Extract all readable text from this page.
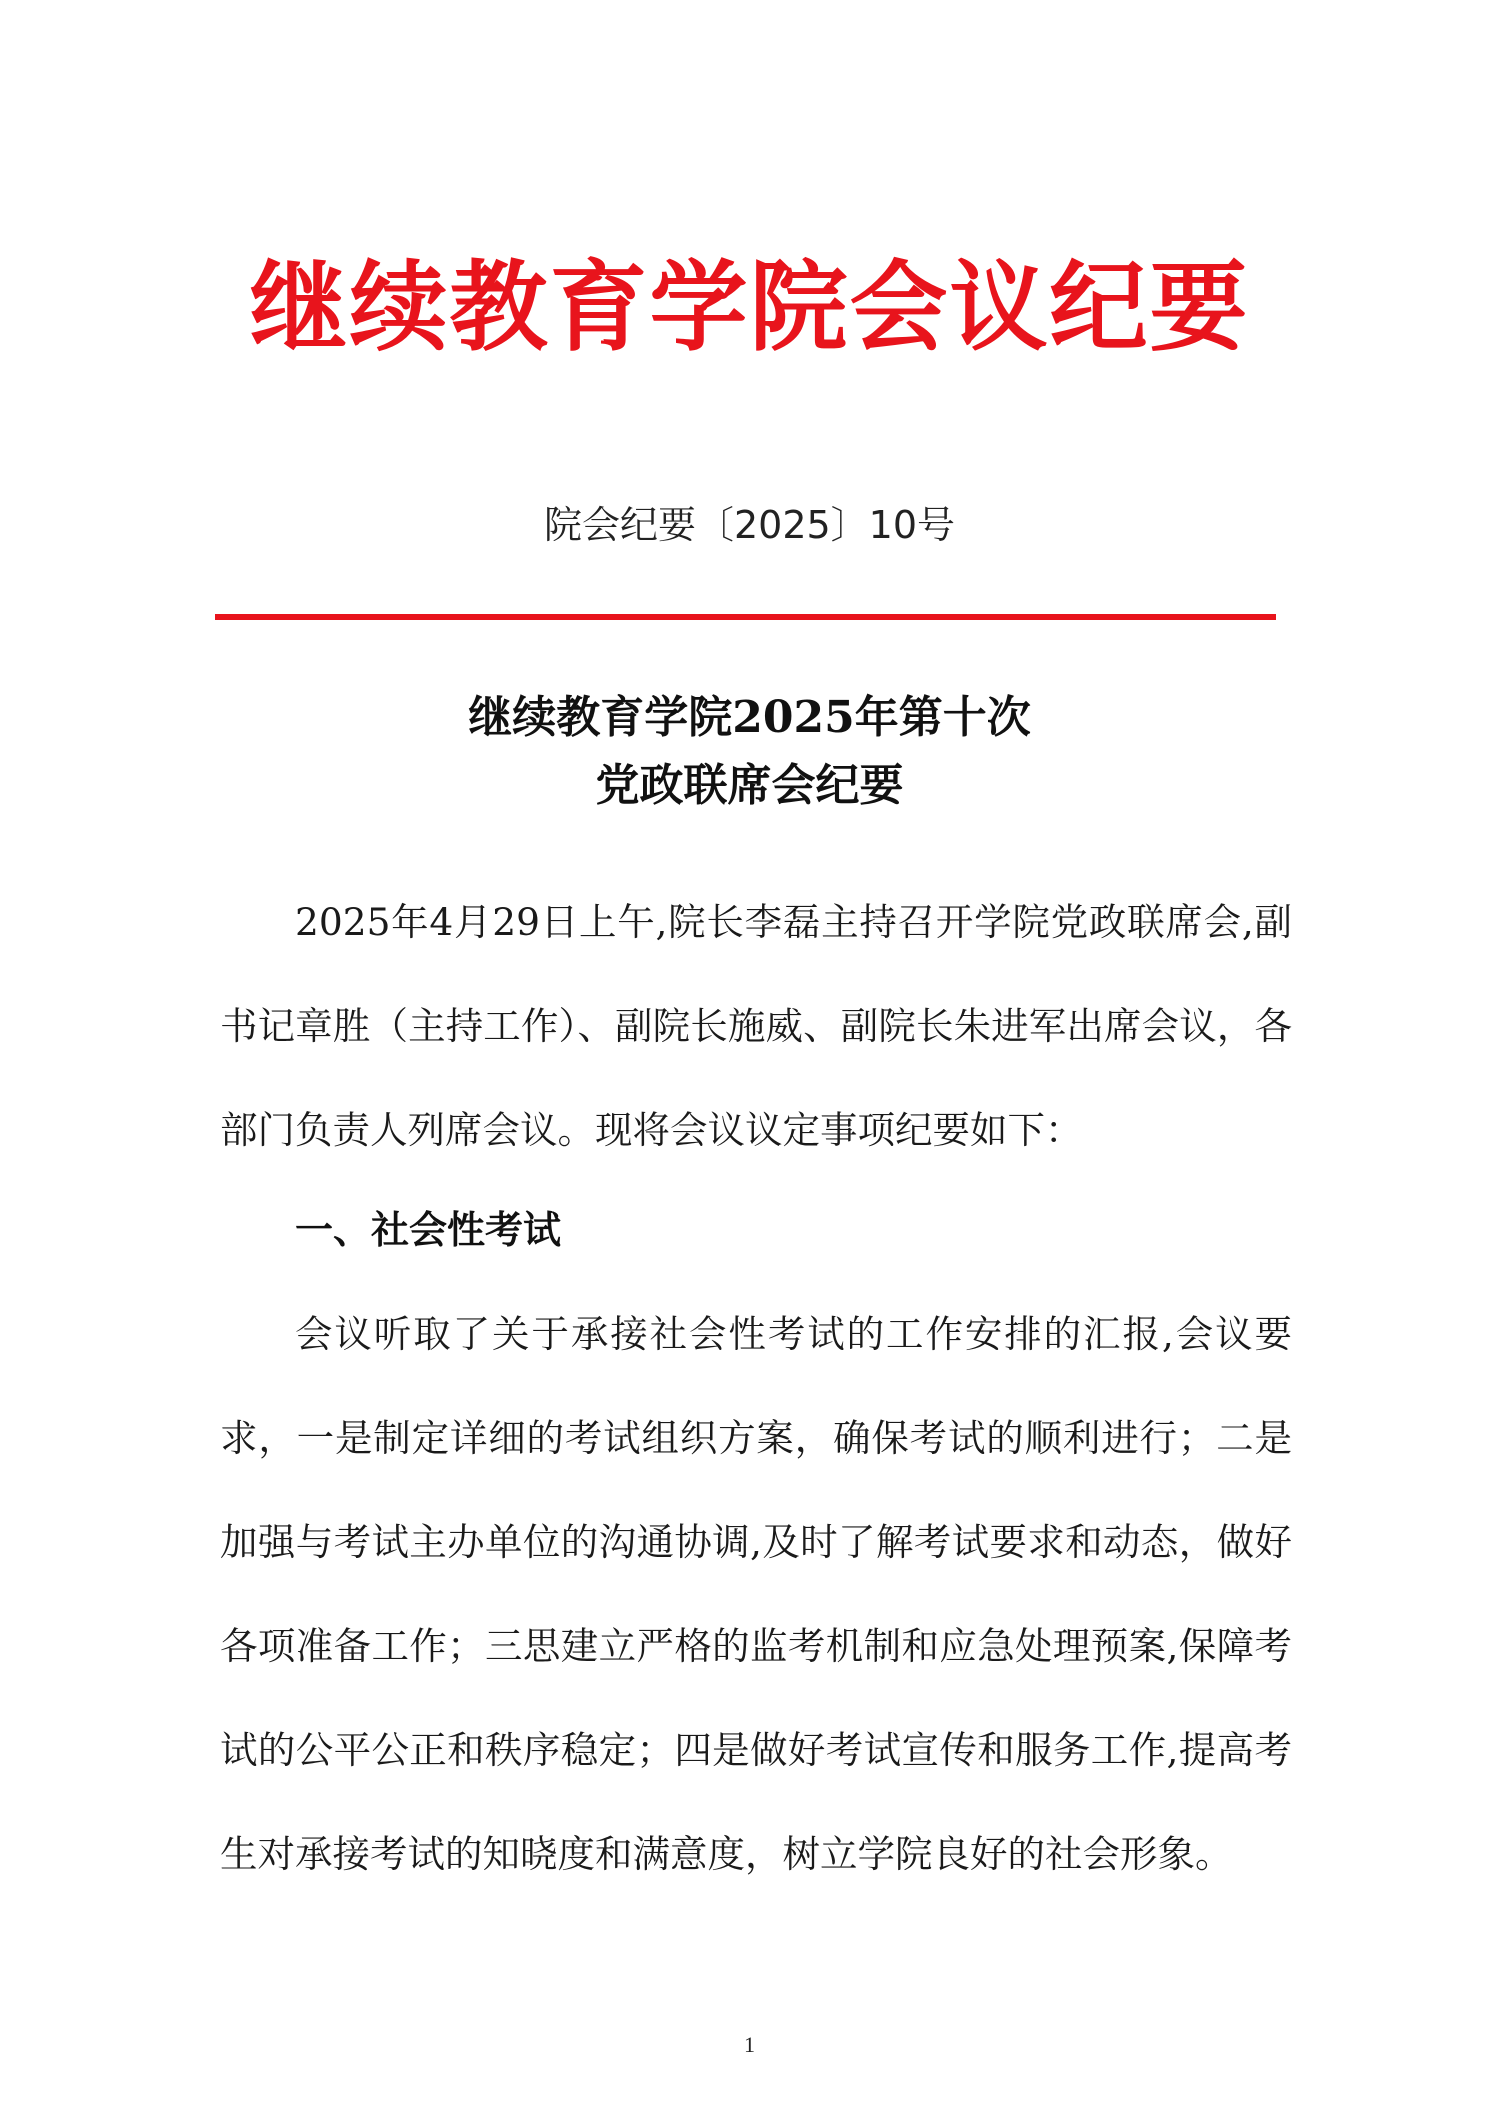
继续教育学院会议纪要
院会纪要〔2025〕10号
继续教育学院2025年第十次
党政联席会纪要
2025年4月29日上午,院长李磊主持召开学院党政联席会,副书记章胜（主持工作）、副院长施威、副院长朱进军出席会议，各部门负责人列席会议。现将会议议定事项纪要如下：
一、社会性考试
会议听取了关于承接社会性考试的工作安排的汇报,会议要求，一是制定详细的考试组织方案，确保考试的顺利进行；二是加强与考试主办单位的沟通协调,及时了解考试要求和动态，做好各项准备工作；三思建立严格的监考机制和应急处理预案,保障考试的公平公正和秩序稳定；四是做好考试宣传和服务工作,提高考生对承接考试的知晓度和满意度，树立学院良好的社会形象。
1
